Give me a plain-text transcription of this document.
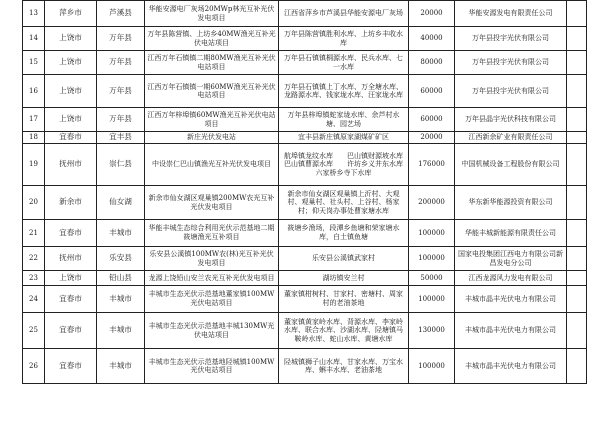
13	萍乡市	芦溪县	华能安源电厂灰场20MWp林光互补光伏发电项目	江西省萍乡市芦溪县华能安源电厂灰场	20000	华能安源发电有限责任公司	
14	上饶市	万年县	万年县陈营镇、上坊乡40MW渔光互补光伏电站项目	万年县陈营镇胜利水库、上坊乡丰收水库	40000	万年县投宇光伏有限公司	
15	上饶市	万年县	江西万年石镇镇二期80MW渔光互补光伏电站项目	万年县石镇镇桐源水库、民兵水库、七一水库	80000	万年县投宇光伏有限公司	
16	上饶市	万年县	江西万年石镇镇一期60MW渔光互补光伏电站项目	万年县石镇镇上丁水库、万全塘水库、龙路源水库、钱家垅水库、汪家垅水库	60000	万年县投宇光伏有限公司	
17	上饶市	万年县	江西万年梓埠镇60MW渔光互补光伏电站项目	万年县梓埠镇蛇家垅水库、余芦村水塘、园艺场	60000	万年县晶宇光伏科技有限公司	
18	宜春市	宜丰县	新庄光伏发电站	宜丰县新庄镇原家湖煤矿矿区	20000	江西新余矿业有限责任公司	
19	抚州市	崇仁县	中设崇仁巴山镇渔光互补光伏发电项目	航埠镇龙纹水库　　巴山镇财源坡水库　　巴山镇曹源水库　　许坊乡义井东水库　　六家桥乡寺下水库	176000	中国机械设备工程股份有限公司	
20	新余市	仙女湖	新余市仙女湖区观巢镇200MW农光互补光伏发电项目	新余市仙女湖区观巢镇上沂村、大观村、观巢村、社头村、上谷村、杨家村；仰天岗办事处曹家塘水库	200000	华东新华能源投资有限公司	
21	宜春市	丰城市	华能丰城生态综合利用光伏示范基地二期筱塘渔光互补项目	筱塘乡渔场，段潭乡鱼塘和荣家塘水库，白土镇鱼塘	100000	华能丰城新能源有限责任公司	
22	抚州市	乐安县	乐安县公溪镇100MW农(林)光互补光伏发电项目	乐安县公溪镇武家村	100000	国家电投集团江西电力有限公司新昌发电分公司	
23	上饶市	铅山县	龙源上饶铅山安兰农光互补光伏发电项目	湖坊镇安兰村	50000	江西龙源风力发电有限公司	
24	宜春市	丰城市	丰城市生态光伏示范基地董家镇100MW光伏电站项目	董家镇柑树村、甘家村、密塘村、周家村的老油茶地	100000	丰城市晶丰光伏电力有限公司	
25	宜春市	丰城市	丰城市生态光伏示范基地丰城130MW光伏电站项目	董家镇黄家岭水库、背源水库、李家岭水库、联合水库、沙湖水库、陉塘镇马鞍岭水库、蛇山水库、黄塘水库	130000	丰城市晶丰光伏电力有限公司	
26	宜春市	丰城市	丰城市生态光伏示范基地陉城镇100MW光伏电站项目	陉城镇狮子山水库、甘家水库、万宝水库、蝌丰水库、老油茶地	100000	丰城市晶丰光伏电力有限公司	
